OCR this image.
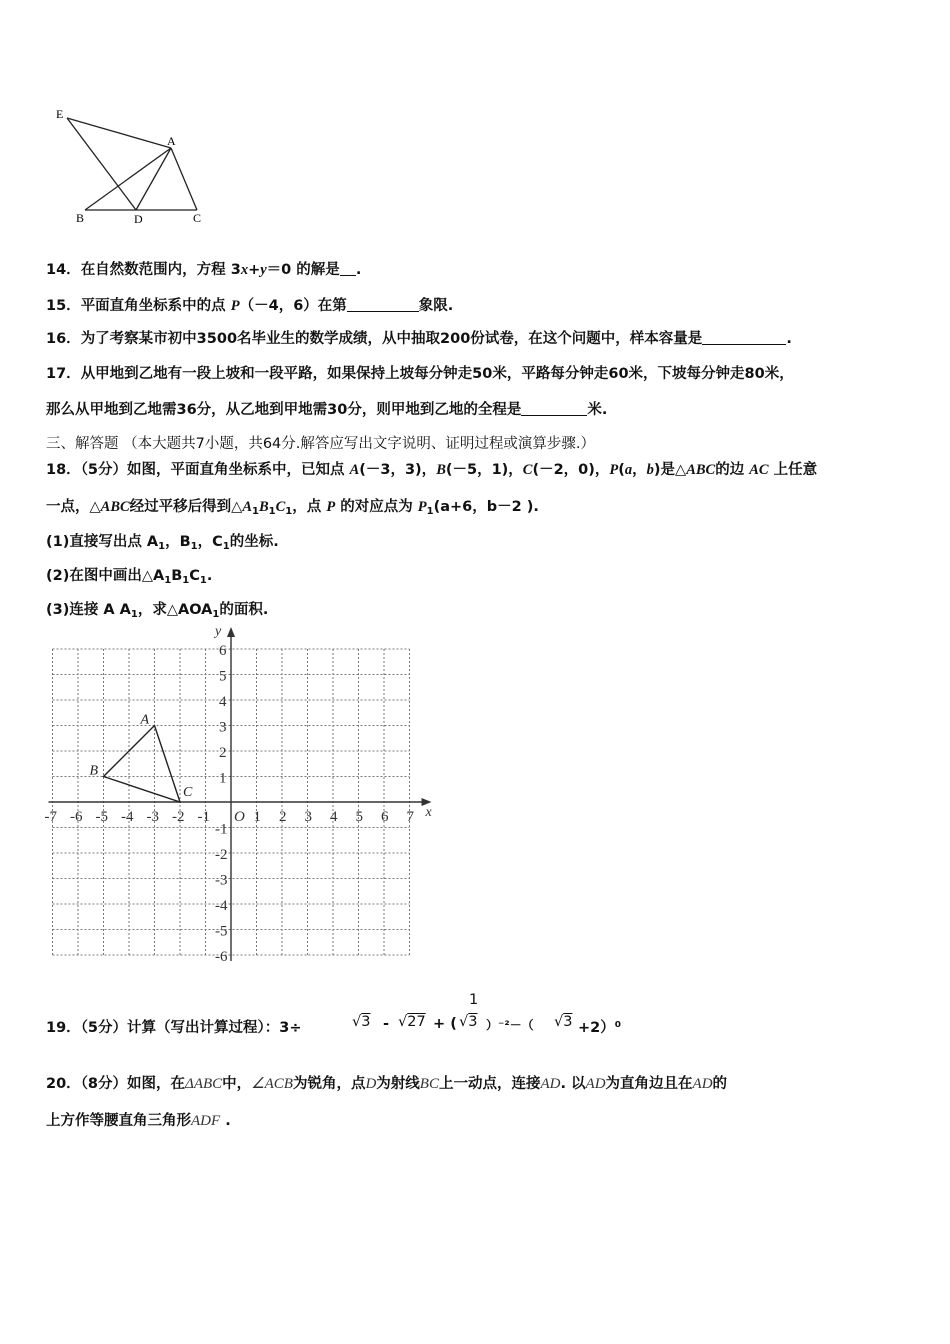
E
A
B	D	C
14．在自然数范围内，方程 3x+y＝0 的解是 .
15．平面直角坐标系中的点 P（－4，6）在第	象限.
16．为了考察某市初中3500名毕业生的数学成绩，从中抽取200份试卷，在这个问题中，样本容量是	.
17．从甲地到乙地有一段上坡和一段平路，如果保持上坡每分钟走50米，平路每分钟走60米，下坡每分钟走80米，
那么从甲地到乙地需36分，从乙地到甲地需30分，则甲地到乙地的全程是	米.
三、解答题 （本大题共7小题，共64分.解答应写出文字说明、证明过程或演算步骤.）
18．（5分）如图，平面直角坐标系中，已知点 A(－3，3)，B(－5，1)，C(－2，0)，P(a，b)是△ABC的边 AC 上任意
一点，△ABC经过平移后得到$\triangle A_1B_1C_1$，点 P 的对应点为 $P_1(a+6$，b－2 ).
(1)直接写出点 $A_1$，$B_1$，$C_1$的坐标.
(2)在图中画出$\triangle A_1B_1C_1$.
(3)连接 A $A_1$，求$\triangle AOA_1$的面积.
-7 -6 -5 -4 -3 -2 -1	1 2 3 4 5 6 7
6
5
4
3
2
1
-1
-2
-3
-4
-5
-6
O	x
y
A
B
C
19．（5分）计算（写出计算过程）：3÷	√3 - √27 + (
1
√3 ）⁻²－（ √3 +2）⁰
20．（8分）如图，在ΔABC中，∠ACB为锐角，点D为射线BC上一动点，连接AD. 以AD为直角边且在AD的
上方作等腰直角三角形ADF .
